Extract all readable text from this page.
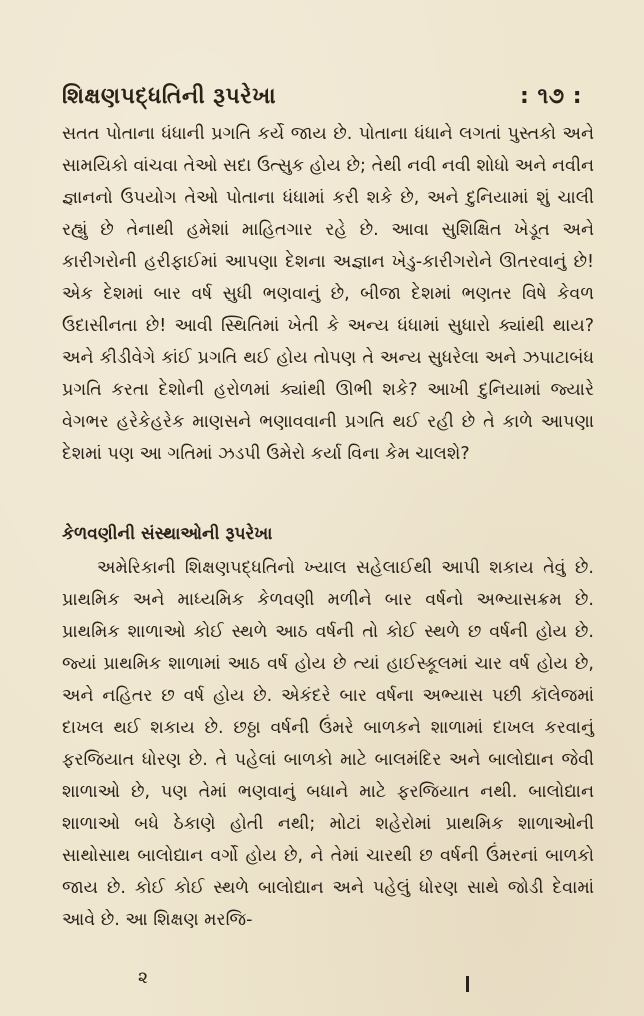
શિક્ષણપદ્ધતિની રૂપરેખા	: ૧૭ :

સતત પોતાના ધંધાની પ્રગતિ કર્યે જાય છે. પોતાના ધંધાને લગતાં પુસ્તકો અને સામયિકો વાંચવા તેઓ સદા ઉત્સુક હોય છે; તેથી નવી નવી શોધો અને નવીન જ્ઞાનનો ઉપયોગ તેઓ પોતાના ધંધામાં કરી શકે છે, અને દુનિયામાં શું ચાલી રહ્યું છે તેનાથી હમેશાં માહિતગાર રહે છે. આવા સુશિક્ષિત ખેડૂત અને કારીગરોની હરીફાઈમાં આપણા દેશના અજ્ઞાન ખેડુ-કારીગરોને ઊતરવાનું છે! એક દેશમાં બાર વર્ષ સુધી ભણવાનું છે, બીજા દેશમાં ભણતર વિષે કેવળ ઉદાસીનતા છે! આવી સ્થિતિમાં ખેતી કે અન્ય ધંધામાં સુધારો ક્યાંથી થાય? અને કીડીવેગે કાંઈ પ્રગતિ થઈ હોય તોપણ તે અન્ય સુધરેલા અને ઝપાટાબંધ પ્રગતિ કરતા દેશોની હરોળમાં ક્યાંથી ઊભી શકે? આખી દુનિયામાં જ્યારે વેગભર હરેકેહરેક માણસને ભણાવવાની પ્રગતિ થઈ રહી છે તે કાળે આપણા દેશમાં પણ આ ગતિમાં ઝડપી ઉમેરો કર્યા વિના કેમ ચાલશે?

કેળવણીની સંસ્થાઓની રૂપરેખા

અમેરિકાની શિક્ષણપદ્ધતિનો ખ્યાલ સહેલાઈથી આપી શકાય તેવું છે. પ્રાથમિક અને માધ્યમિક કેળવણી મળીને બાર વર્ષનો અભ્યાસક્રમ છે. પ્રાથમિક શાળાઓ કોઈ સ્થળે આઠ વર્ષની તો કોઈ સ્થળે છ વર્ષની હોય છે. જ્યાં પ્રાથમિક શાળામાં આઠ વર્ષ હોય છે ત્યાં હાઈસ્કૂલમાં ચાર વર્ષ હોય છે, અને નહિતર છ વર્ષ હોય છે. એકંદરે બાર વર્ષના અભ્યાસ પછી કૉલેજમાં દાખલ થઈ શકાય છે. છઠ્ઠા વર્ષની ઉંમરે બાળકને શાળામાં દાખલ કરવાનું ફરજિયાત ધોરણ છે. તે પહેલાં બાળકો માટે બાલમંદિર અને બાલોદ્યાન જેવી શાળાઓ છે, પણ તેમાં ભણવાનું બધાને માટે ફરજિયાત નથી. બાલોદ્યાન શાળાઓ બધે ઠેકાણે હોતી નથી; મોટાં શહેરોમાં પ્રાથમિક શાળાઓની સાથોસાથ બાલોદ્યાન વર્ગો હોય છે, ને તેમાં ચારથી છ વર્ષની ઉંમરનાં બાળકો જાય છે. કોઈ કોઈ સ્થળે બાલોદ્યાન અને પહેલું ધોરણ સાથે જોડી દેવામાં આવે છે. આ શિક્ષણ મરજિ-

૨
